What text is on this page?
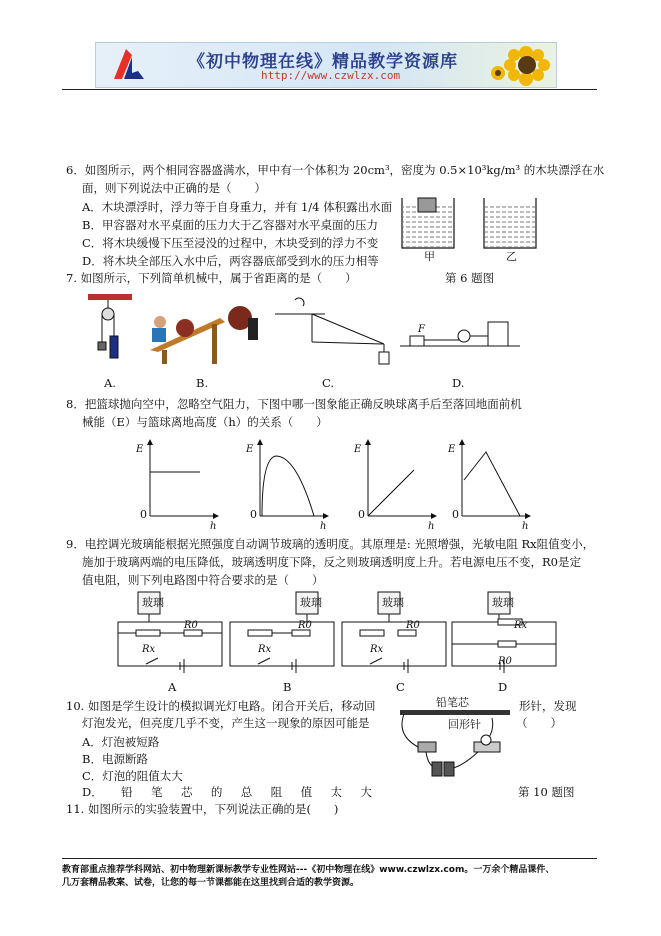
《初中物理在线》精品教学资源库
http://www.czwlzx.com
6．如图所示，两个相同容器盛满水，甲中有一个体积为 20cm³，密度为 0.5×10³kg/m³ 的木块漂浮在水
面，则下列说法中正确的是（　　）
A．木块漂浮时，浮力等于自身重力，并有 1/4 体积露出水面
B．甲容器对水平桌面的压力大于乙容器对水平桌面的压力
C．将木块缓慢下压至浸没的过程中，木块受到的浮力不变
D．将木块全部压入水中后，两容器底部受到水的压力相等	甲	乙
7. 如图所示，下列简单机械中，属于省距离的是（　　）	第 6 题图
F
A.	B.	C.	D.
8．把篮球抛向空中，忽略空气阻力，下图中哪一图象能正确反映球离手后至落回地面前机
械能（E）与篮球离地高度（h）的关系（　　）
E	E	E	E
0	0	0	0
h	h	h	h
9．电控调光玻璃能根据光照强度自动调节玻璃的透明度。其原理是: 光照增强，光敏电阻 Rx阻值变小，
施加于玻璃两端的电压降低，玻璃透明度下降，反之则玻璃透明度上升。若电源电压不变，R0是定
值电阻，则下列电路图中符合要求的是（　　）
玻璃	玻璃	玻璃	玻璃
R0
Rx
R0
Rx
R0
Rx
Rx
R0
A	B	C	D
10. 如图是学生设计的模拟调光灯电路。闭合开关后，移动回	形针，发现
灯泡发光，但亮度几乎不变，产生这一现象的原因可能是	（　　）
A．灯泡被短路
B．电源断路
C．灯泡的阻值太大
D． 铅 笔 芯 的 总 阻 值 太 大
铅笔芯
回形针
第 10 题图
11. 如图所示的实验装置中，下列说法正确的是(　　)
教育部重点推荐学科网站、初中物理新课标教学专业性网站---《初中物理在线》www.czwlzx.com。一万余个精品课件、
几万套精品教案、试卷，让您的每一节课都能在这里找到合适的教学资源。
